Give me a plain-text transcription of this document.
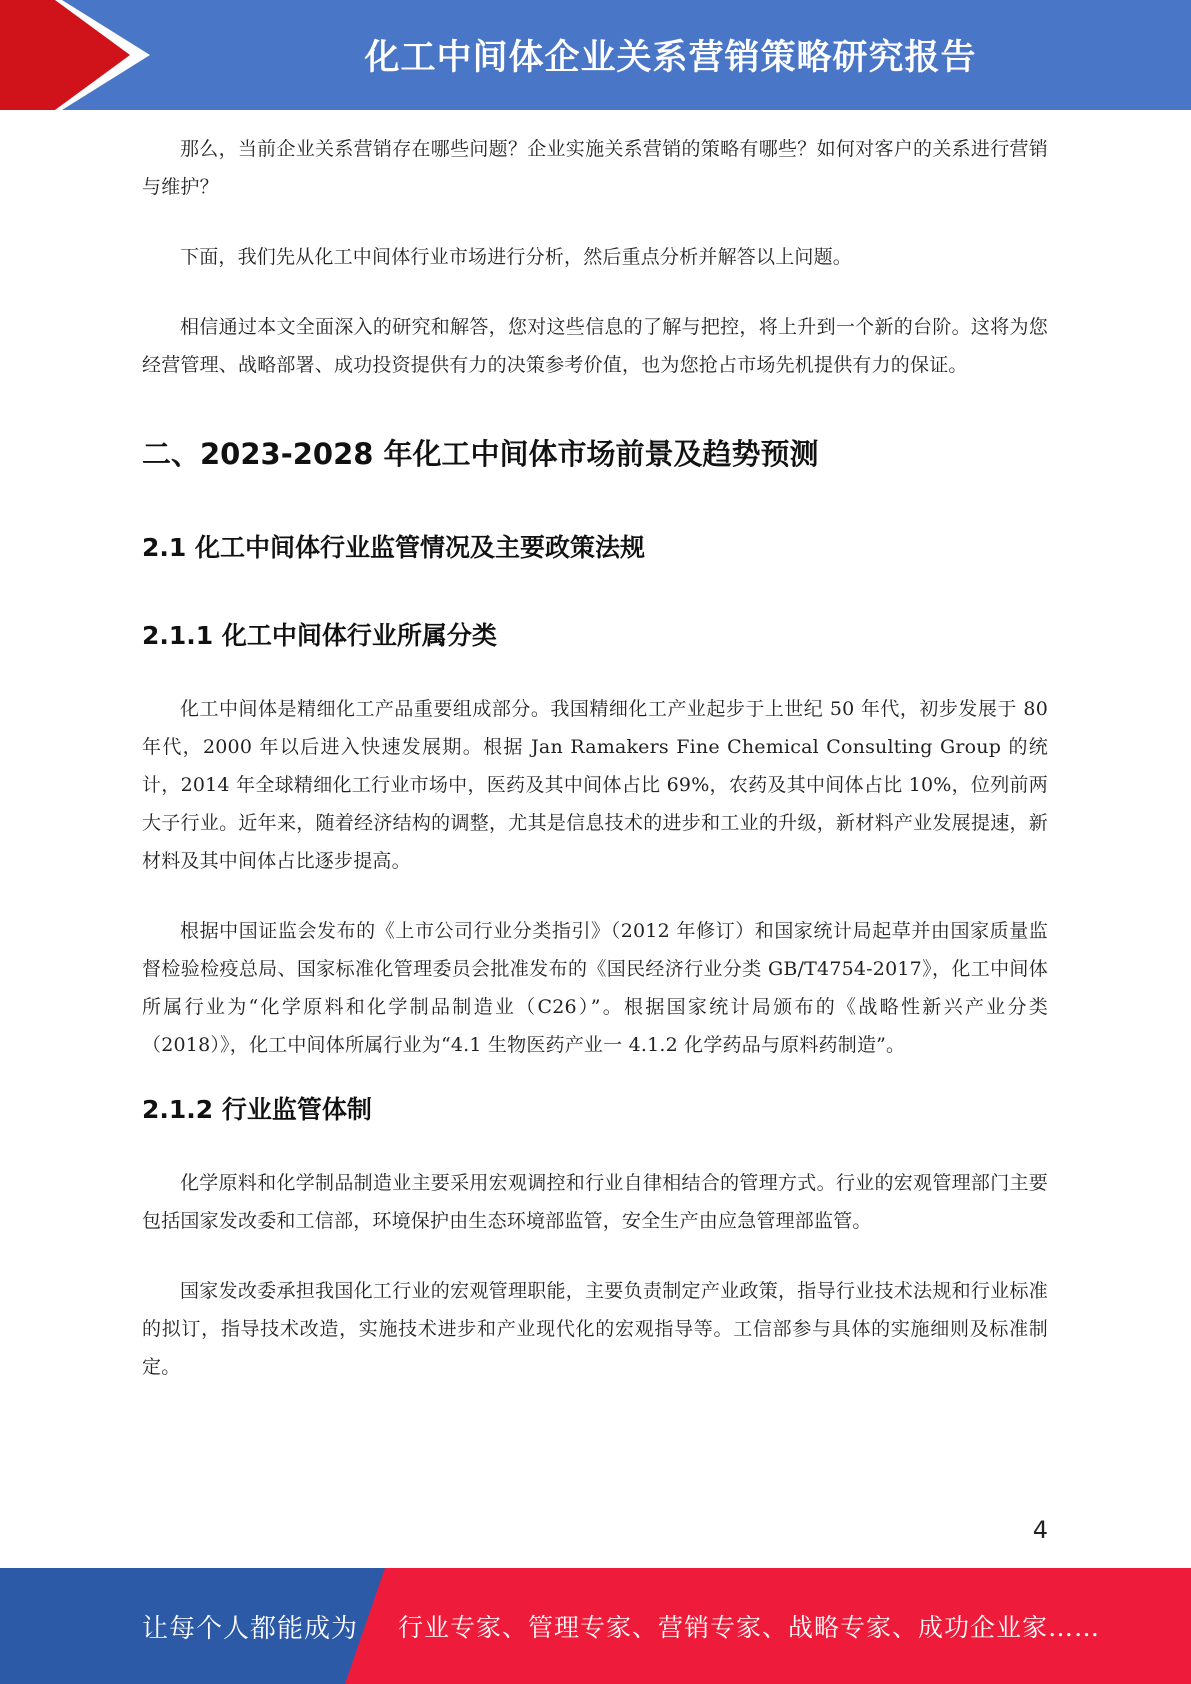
化工中间体企业关系营销策略研究报告

那么，当前企业关系营销存在哪些问题？企业实施关系营销的策略有哪些？如何对客户的关系进行营销与维护？

下面，我们先从化工中间体行业市场进行分析，然后重点分析并解答以上问题。

相信通过本文全面深入的研究和解答，您对这些信息的了解与把控，将上升到一个新的台阶。这将为您经营管理、战略部署、成功投资提供有力的决策参考价值，也为您抢占市场先机提供有力的保证。

二、2023-2028 年化工中间体市场前景及趋势预测
2.1 化工中间体行业监管情况及主要政策法规
2.1.1 化工中间体行业所属分类

化工中间体是精细化工产品重要组成部分。我国精细化工产业起步于上世纪 50 年代，初步发展于 80 年代，2000 年以后进入快速发展期。根据 Jan Ramakers Fine Chemical Consulting Group 的统计，2014 年全球精细化工行业市场中，医药及其中间体占比 69%，农药及其中间体占比 10%，位列前两大子行业。近年来，随着经济结构的调整，尤其是信息技术的进步和工业的升级，新材料产业发展提速，新材料及其中间体占比逐步提高。

根据中国证监会发布的《上市公司行业分类指引》（2012 年修订）和国家统计局起草并由国家质量监督检验检疫总局、国家标准化管理委员会批准发布的《国民经济行业分类 GB/T4754-2017》，化工中间体所属行业为“化学原料和化学制品制造业（C26）”。根据国家统计局颁布的《战略性新兴产业分类（2018）》，化工中间体所属行业为“4.1 生物医药产业一 4.1.2 化学药品与原料药制造”。

2.1.2 行业监管体制

化学原料和化学制品制造业主要采用宏观调控和行业自律相结合的管理方式。行业的宏观管理部门主要包括国家发改委和工信部，环境保护由生态环境部监管，安全生产由应急管理部监管。

国家发改委承担我国化工行业的宏观管理职能，主要负责制定产业政策，指导行业技术法规和行业标准的拟订，指导技术改造，实施技术进步和产业现代化的宏观指导等。工信部参与具体的实施细则及标准制定。

4
让每个人都能成为 行业专家、管理专家、营销专家、战略专家、成功企业家……
